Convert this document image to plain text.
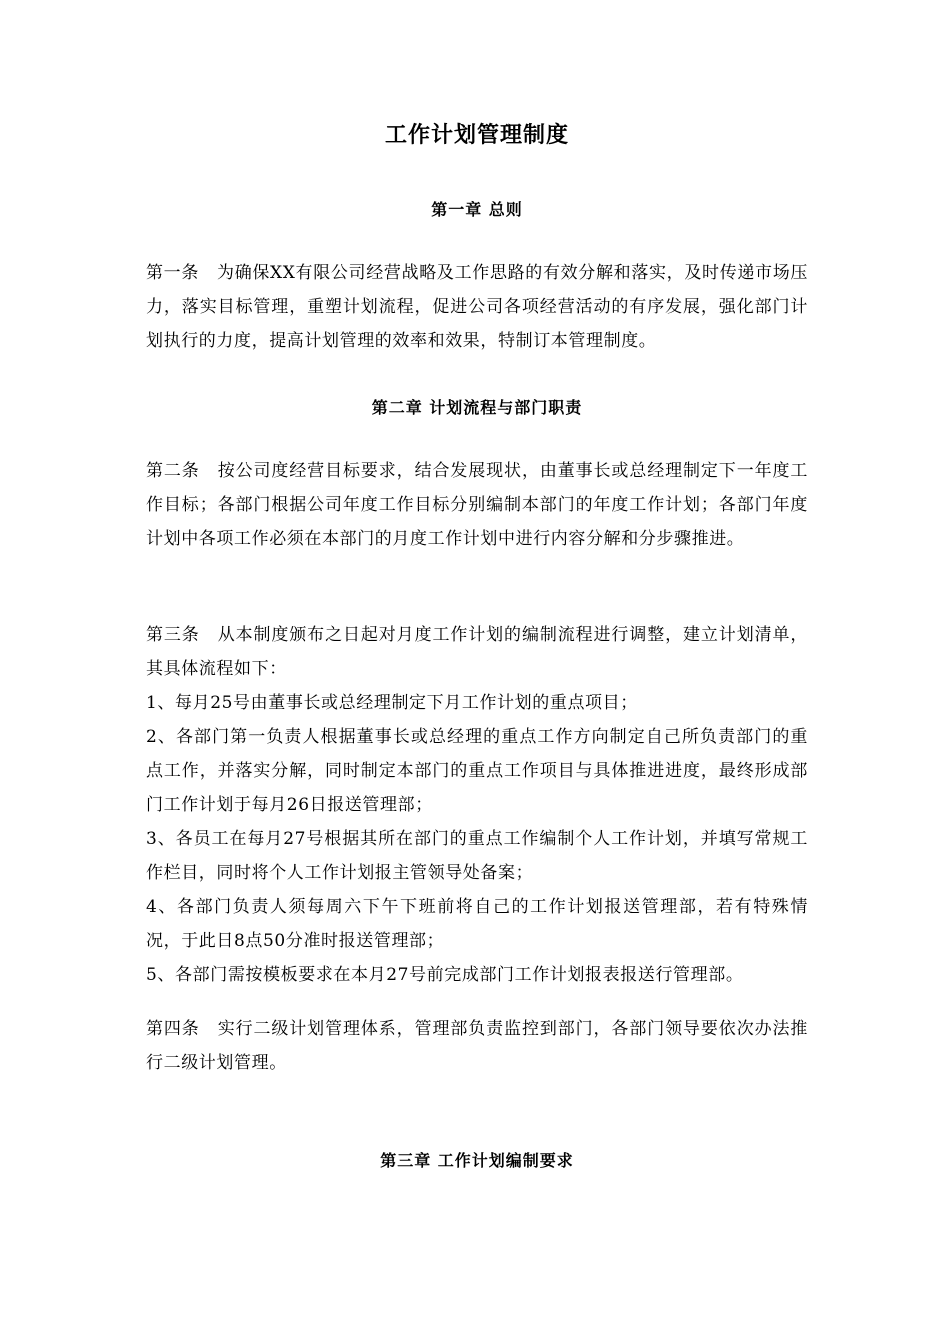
工作计划管理制度
第一章 总则
第一条 为确保XX有限公司经营战略及工作思路的有效分解和落实，及时传递市场压力，落实目标管理，重塑计划流程，促进公司各项经营活动的有序发展，强化部门计划执行的力度，提高计划管理的效率和效果，特制订本管理制度。
第二章 计划流程与部门职责
第二条 按公司度经营目标要求，结合发展现状，由董事长或总经理制定下一年度工作目标；各部门根据公司年度工作目标分别编制本部门的年度工作计划；各部门年度计划中各项工作必须在本部门的月度工作计划中进行内容分解和分步骤推进。
第三条 从本制度颁布之日起对月度工作计划的编制流程进行调整，建立计划清单，其具体流程如下：
1、每月25号由董事长或总经理制定下月工作计划的重点项目；
2、各部门第一负责人根据董事长或总经理的重点工作方向制定自己所负责部门的重点工作，并落实分解，同时制定本部门的重点工作项目与具体推进进度，最终形成部门工作计划于每月26日报送管理部；
3、各员工在每月27号根据其所在部门的重点工作编制个人工作计划，并填写常规工作栏目，同时将个人工作计划报主管领导处备案；
4、各部门负责人须每周六下午下班前将自己的工作计划报送管理部，若有特殊情况，于此日8点50分准时报送管理部；
5、各部门需按模板要求在本月27号前完成部门工作计划报表报送行管理部。
第四条 实行二级计划管理体系，管理部负责监控到部门，各部门领导要依次办法推行二级计划管理。
第三章 工作计划编制要求
